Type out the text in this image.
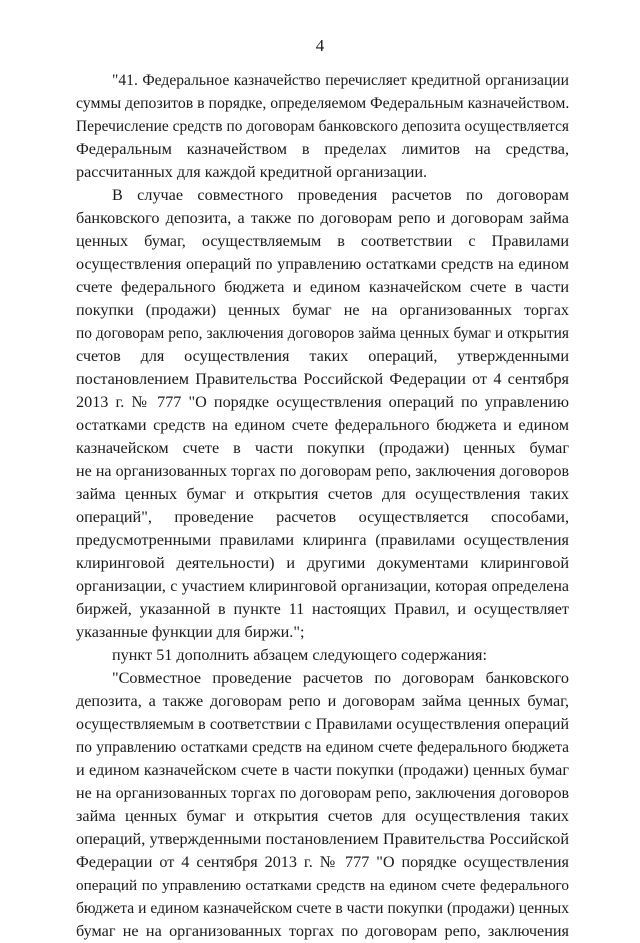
4
"41. Федеральное казначейство перечисляет кредитной организации
суммы депозитов в порядке, определяемом Федеральным казначейством.
Перечисление средств по договорам банковского депозита осуществляется
Федеральным казначейством в пределах лимитов на средства,
рассчитанных для каждой кредитной организации.
В случае совместного проведения расчетов по договорам
банковского депозита, а также по договорам репо и договорам займа
ценных бумаг, осуществляемым в соответствии с Правилами
осуществления операций по управлению остатками средств на едином
счете федерального бюджета и едином казначейском счете в части
покупки (продажи) ценных бумаг не на организованных торгах
по договорам репо, заключения договоров займа ценных бумаг и открытия
счетов для осуществления таких операций, утвержденными
постановлением Правительства Российской Федерации от 4 сентября
2013 г. № 777 "О порядке осуществления операций по управлению
остатками средств на едином счете федерального бюджета и едином
казначейском счете в части покупки (продажи) ценных бумаг
не на организованных торгах по договорам репо, заключения договоров
займа ценных бумаг и открытия счетов для осуществления таких
операций", проведение расчетов осуществляется способами,
предусмотренными правилами клиринга (правилами осуществления
клиринговой деятельности) и другими документами клиринговой
организации, с участием клиринговой организации, которая определена
биржей, указанной в пункте 11 настоящих Правил, и осуществляет
указанные функции для биржи.";
пункт 51 дополнить абзацем следующего содержания:
"Совместное проведение расчетов по договорам банковского
депозита, а также договорам репо и договорам займа ценных бумаг,
осуществляемым в соответствии с Правилами осуществления операций
по управлению остатками средств на едином счете федерального бюджета
и едином казначейском счете в части покупки (продажи) ценных бумаг
не на организованных торгах по договорам репо, заключения договоров
займа ценных бумаг и открытия счетов для осуществления таких
операций, утвержденными постановлением Правительства Российской
Федерации от 4 сентября 2013 г. № 777 "О порядке осуществления
операций по управлению остатками средств на едином счете федерального
бюджета и едином казначейском счете в части покупки (продажи) ценных
бумаг не на организованных торгах по договорам репо, заключения
